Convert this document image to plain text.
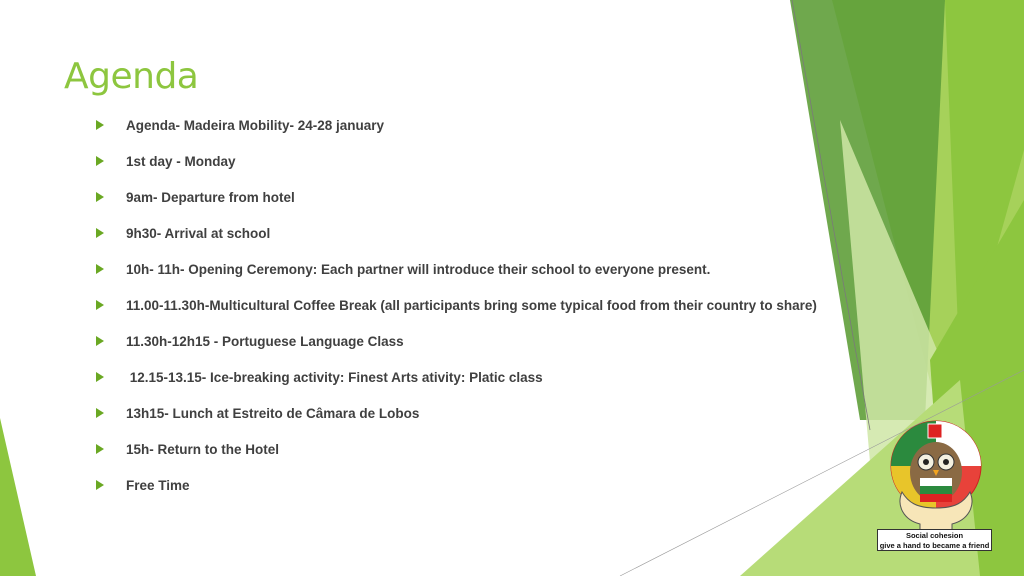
Agenda
Agenda- Madeira Mobility- 24-28 january
1st day - Monday
9am- Departure from hotel
9h30- Arrival at school
10h- 11h- Opening Ceremony: Each partner will introduce their school to everyone present.
11.00-11.30h-Multicultural Coffee Break (all participants bring some typical food from their country to share)
11.30h-12h15 - Portuguese Language Class
12.15-13.15- Ice-breaking activity: Finest Arts ativity: Platic class
13h15- Lunch at Estreito de Câmara de Lobos
15h- Return to the Hotel
Free Time
Social cohesion
give a hand to became a friend
